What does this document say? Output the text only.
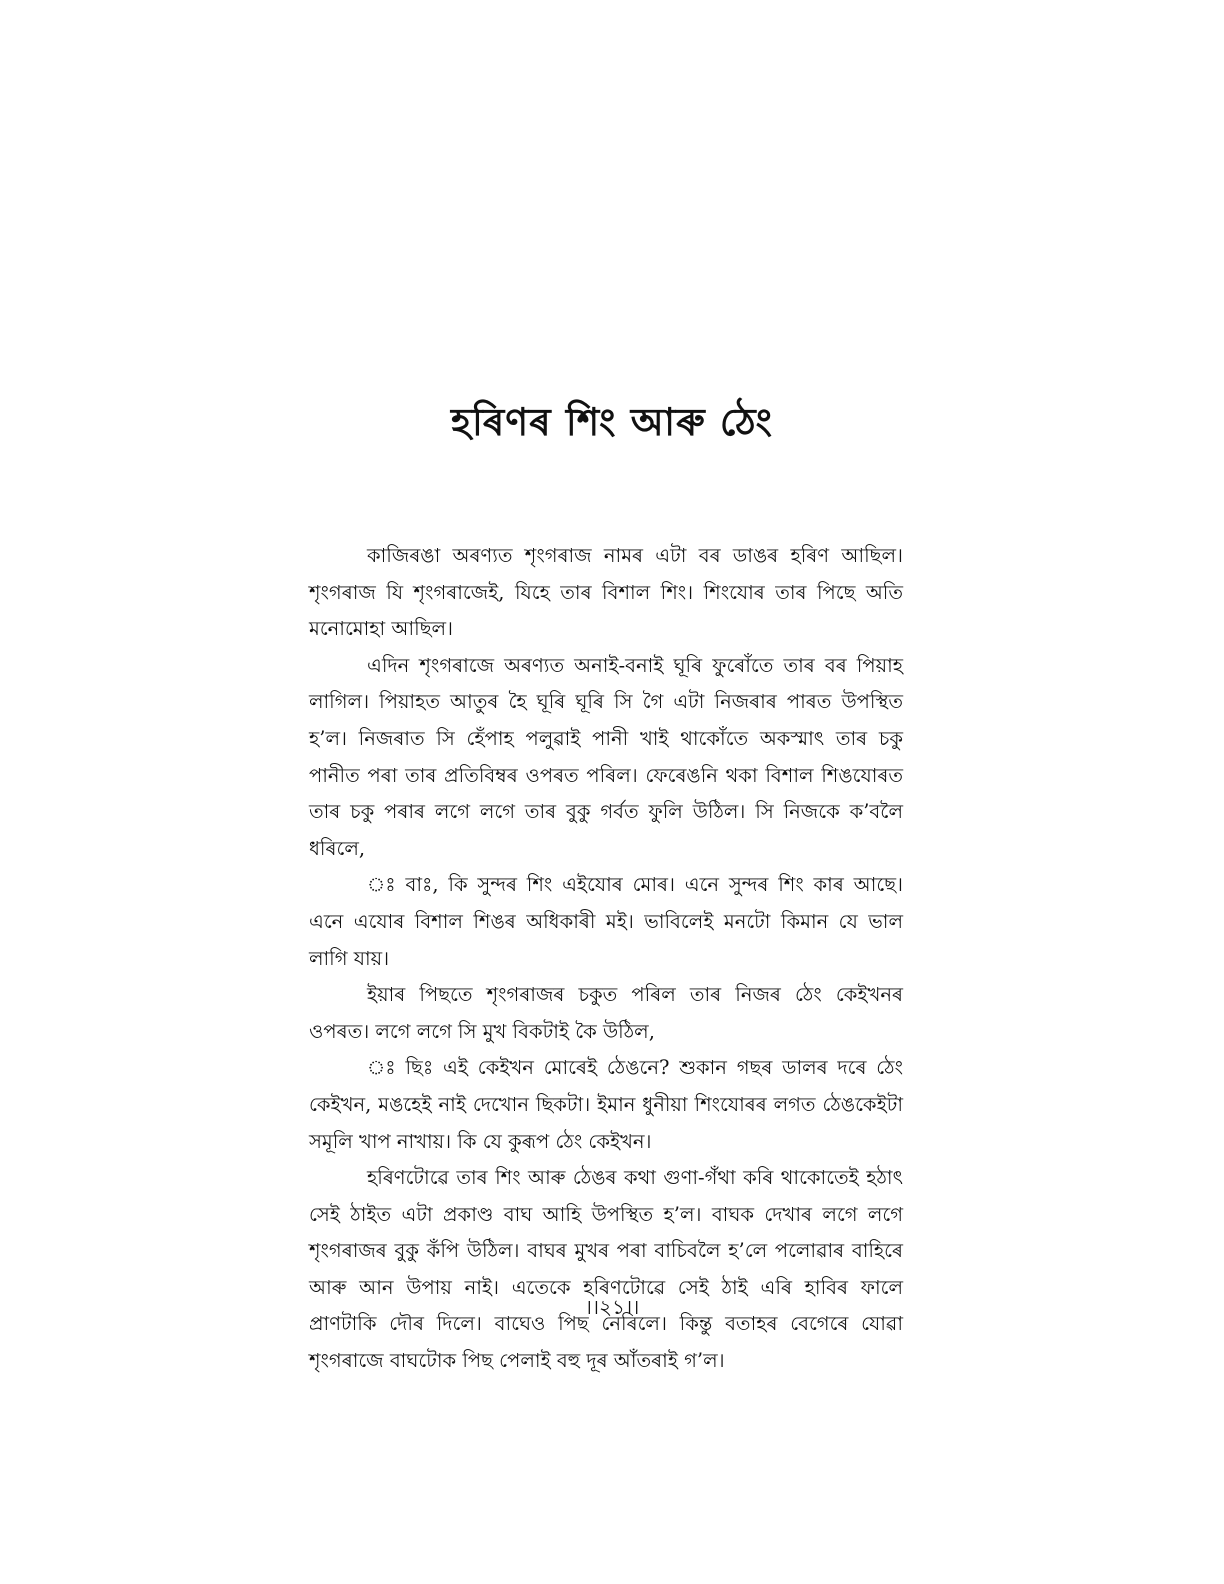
হৰিণৰ শিং আৰু ঠেং

কাজিৰঙা অৰণ্যত শৃংগৰাজ নামৰ এটা বৰ ডাঙৰ হৰিণ আছিল। শৃংগৰাজ যি শৃংগৰাজেই, যিহে তাৰ বিশাল শিং। শিংযোৰ তাৰ পিছে অতি মনোমোহা আছিল।

এদিন শৃংগৰাজে অৰণ্যত অনাই-বনাই ঘূৰি ফুৰোঁতে তাৰ বৰ পিয়াহ লাগিল। পিয়াহত আতুৰ হৈ ঘূৰি ঘূৰি সি গৈ এটা নিজৰাৰ পাৰত উপস্থিত হ’ল। নিজৰাত সি হেঁপাহ পলুৱাই পানী খাই থাকোঁতে অকস্মাৎ তাৰ চকু পানীত পৰা তাৰ প্ৰতিবিম্বৰ ওপৰত পৰিল। ফেৰেঙনি থকা বিশাল শিঙযোৰত তাৰ চকু পৰাৰ লগে লগে তাৰ বুকু গৰ্বত ফুলি উঠিল। সি নিজকে ক’বলৈ ধৰিলে,

ঃ বাঃ, কি সুন্দৰ শিং এইযোৰ মোৰ। এনে সুন্দৰ শিং কাৰ আছে। এনে এযোৰ বিশাল শিঙৰ অধিকাৰী মই। ভাবিলেই মনটো কিমান যে ভাল লাগি যায়।

ইয়াৰ পিছতে শৃংগৰাজৰ চকুত পৰিল তাৰ নিজৰ ঠেং কেইখনৰ ওপৰত। লগে লগে সি মুখ বিকটাই কৈ উঠিল,

ঃ ছিঃ এই কেইখন মোৰেই ঠেঙনে? শুকান গছৰ ডালৰ দৰে ঠেং কেইখন, মঙহেই নাই দেখোন ছিকটা। ইমান ধুনীয়া শিংযোৰৰ লগত ঠেঙকেইটা সমূলি খাপ নাখায়। কি যে কুৰূপ ঠেং কেইখন।

হৰিণটোৱে তাৰ শিং আৰু ঠেঙৰ কথা গুণা-গঁথা কৰি থাকোতেই হঠাৎ সেই ঠাইত এটা প্ৰকাণ্ড বাঘ আহি উপস্থিত হ’ল। বাঘক দেখাৰ লগে লগে শৃংগৰাজৰ বুকু কঁপি উঠিল। বাঘৰ মুখৰ পৰা বাচিবলৈ হ’লে পলোৱাৰ বাহিৰে আৰু আন উপায় নাই। এতেকে হৰিণটোৱে সেই ঠাই এৰি হাবিৰ ফালে প্ৰাণটাকি দৌৰ দিলে। বাঘেও পিছ নেৰিলে। কিন্তু বতাহৰ বেগেৰে যোৱা শৃংগৰাজে বাঘটোক পিছ পেলাই বহু দূৰ আঁতৰাই গ’ল।

।।২১।।
